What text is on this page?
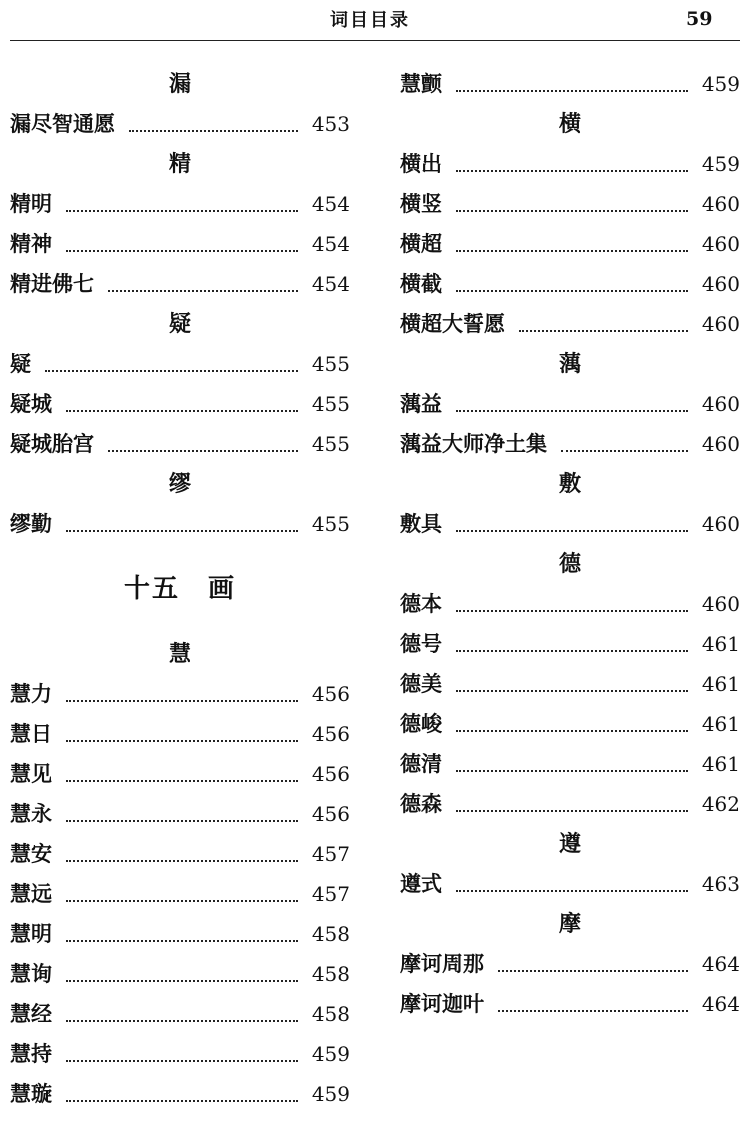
词目目录	59
漏
漏尽智通愿	453
精
精明	454
精神	454
精进佛七	454
疑
疑	455
疑城	455
疑城胎宫	455
缪
缪勤	455
十五　画
慧
慧力	456
慧日	456
慧见	456
慧永	456
慧安	457
慧远	457
慧明	458
慧询	458
慧经	458
慧持	459
慧璇	459
慧颤	459
横
横出	459
横竖	460
横超	460
横截	460
横超大誓愿	460
蕅
蕅益	460
蕅益大师净土集	460
敷
敷具	460
德
德本	460
德号	461
德美	461
德峻	461
德清	461
德森	462
遵
遵式	463
摩
摩诃周那	464
摩诃迦叶	464
